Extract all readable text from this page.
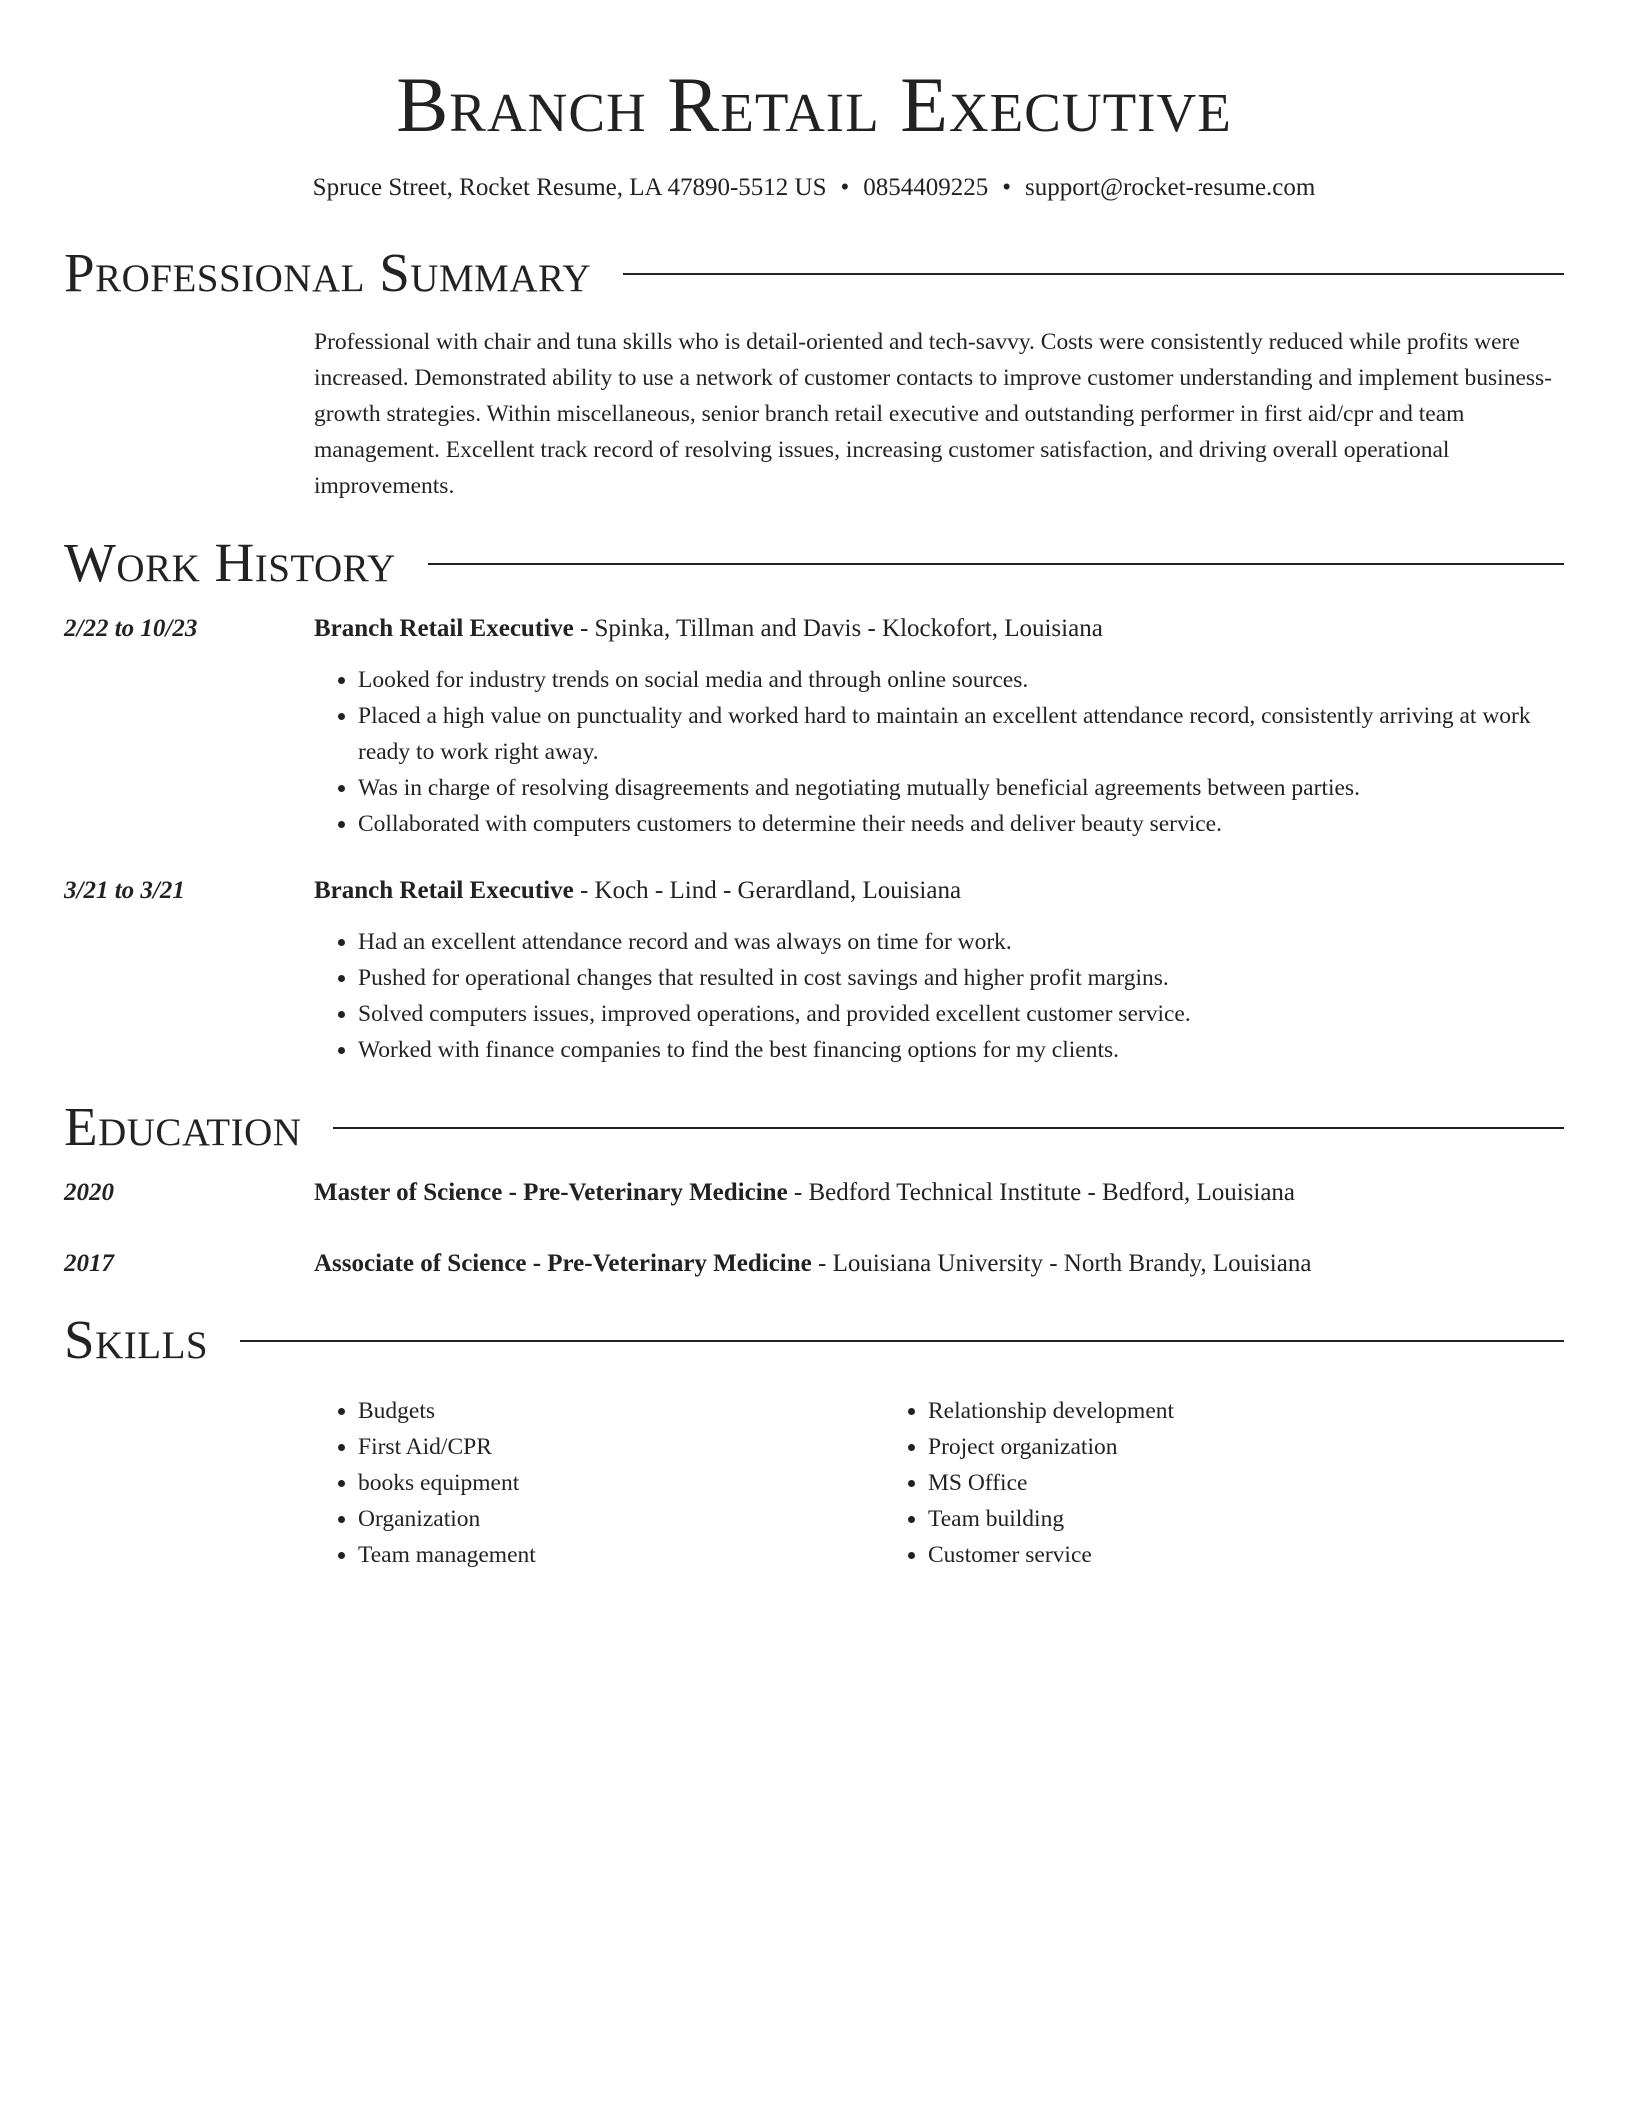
Branch Retail Executive
Spruce Street, Rocket Resume, LA 47890-5512 US • 0854409225 • support@rocket-resume.com
Professional Summary
Professional with chair and tuna skills who is detail-oriented and tech-savvy. Costs were consistently reduced while profits were increased. Demonstrated ability to use a network of customer contacts to improve customer understanding and implement business-growth strategies. Within miscellaneous, senior branch retail executive and outstanding performer in first aid/cpr and team management. Excellent track record of resolving issues, increasing customer satisfaction, and driving overall operational improvements.
Work History
2/22 to 10/23	Branch Retail Executive - Spinka, Tillman and Davis - Klockofort, Louisiana
• Looked for industry trends on social media and through online sources.
• Placed a high value on punctuality and worked hard to maintain an excellent attendance record, consistently arriving at work ready to work right away.
• Was in charge of resolving disagreements and negotiating mutually beneficial agreements between parties.
• Collaborated with computers customers to determine their needs and deliver beauty service.
3/21 to 3/21	Branch Retail Executive - Koch - Lind - Gerardland, Louisiana
• Had an excellent attendance record and was always on time for work.
• Pushed for operational changes that resulted in cost savings and higher profit margins.
• Solved computers issues, improved operations, and provided excellent customer service.
• Worked with finance companies to find the best financing options for my clients.
Education
2020	Master of Science - Pre-Veterinary Medicine - Bedford Technical Institute - Bedford, Louisiana
2017	Associate of Science - Pre-Veterinary Medicine - Louisiana University - North Brandy, Louisiana
Skills
• Budgets
• First Aid/CPR
• books equipment
• Organization
• Team management
• Relationship development
• Project organization
• MS Office
• Team building
• Customer service
